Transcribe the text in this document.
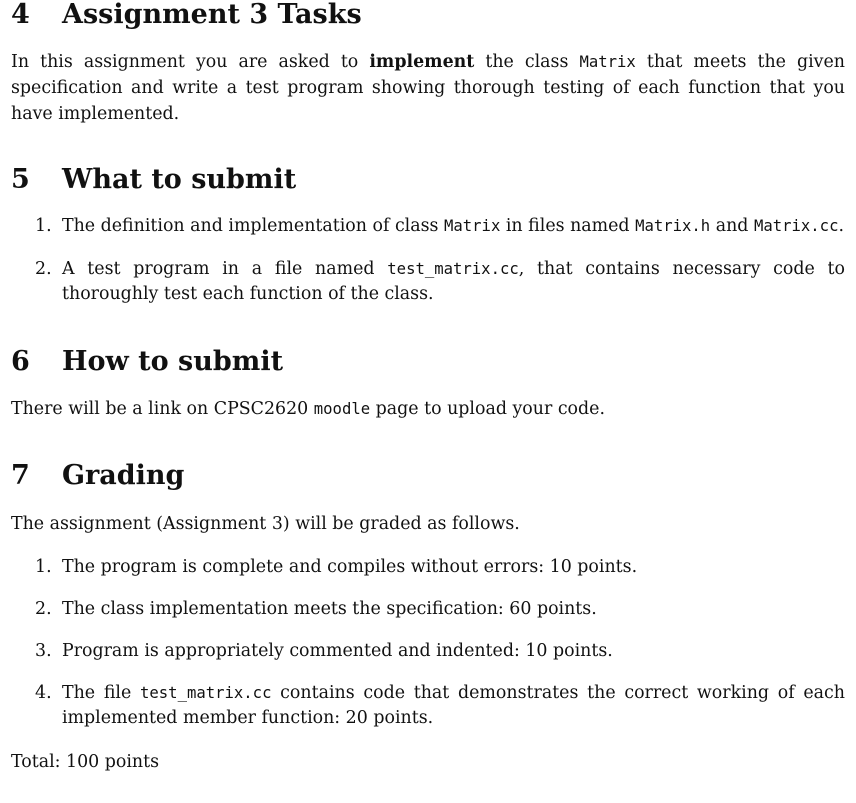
4 Assignment 3 Tasks

In this assignment you are asked to implement the class Matrix that meets the given specification and write a test program showing thorough testing of each function that you have implemented.

5 What to submit
1. The definition and implementation of class Matrix in files named Matrix.h and Matrix.cc.
2. A test program in a file named test_matrix.cc, that contains necessary code to thoroughly test each function of the class.
6 How to submit

There will be a link on CPSC2620 moodle page to upload your code.

7 Grading

The assignment (Assignment 3) will be graded as follows.

1. The program is complete and compiles without errors: 10 points.
2. The class implementation meets the specification: 60 points.
3. Program is appropriately commented and indented: 10 points.
4. The file test_matrix.cc contains code that demonstrates the correct working of each implemented member function: 20 points.

Total: 100 points
